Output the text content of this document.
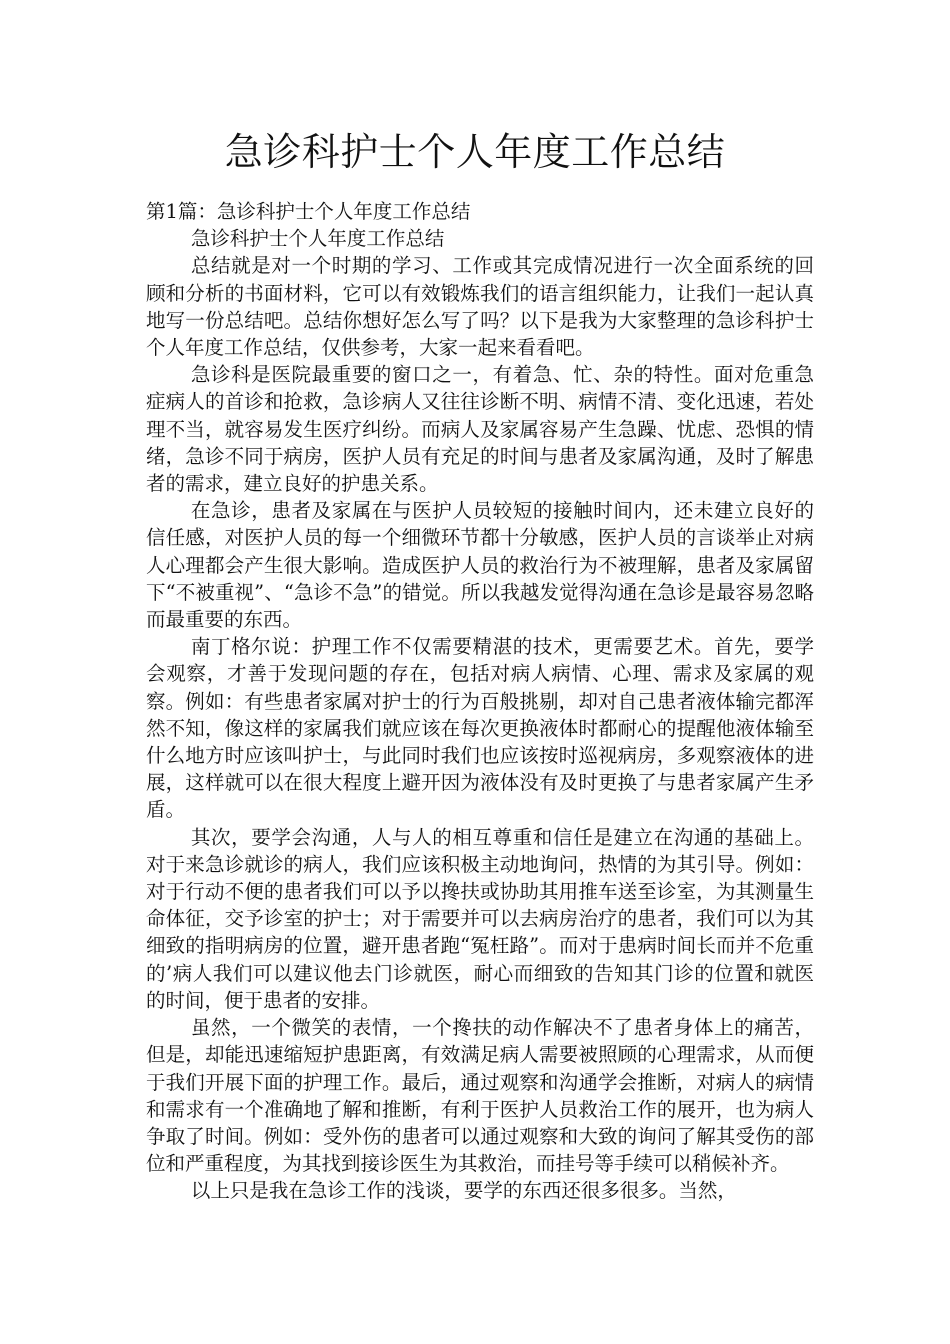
急诊科护士个人年度工作总结

第1篇：急诊科护士个人年度工作总结

急诊科护士个人年度工作总结

总结就是对一个时期的学习、工作或其完成情况进行一次全面系统的回顾和分析的书面材料，它可以有效锻炼我们的语言组织能力，让我们一起认真地写一份总结吧。总结你想好怎么写了吗？以下是我为大家整理的急诊科护士个人年度工作总结，仅供参考，大家一起来看看吧。

急诊科是医院最重要的窗口之一，有着急、忙、杂的特性。面对危重急症病人的首诊和抢救，急诊病人又往往诊断不明、病情不清、变化迅速，若处理不当，就容易发生医疗纠纷。而病人及家属容易产生急躁、忧虑、恐惧的情绪，急诊不同于病房，医护人员有充足的时间与患者及家属沟通，及时了解患者的需求，建立良好的护患关系。

在急诊，患者及家属在与医护人员较短的接触时间内，还未建立良好的信任感，对医护人员的每一个细微环节都十分敏感，医护人员的言谈举止对病人心理都会产生很大影响。造成医护人员的救治行为不被理解，患者及家属留下“不被重视”、“急诊不急”的错觉。所以我越发觉得沟通在急诊是最容易忽略而最重要的东西。

南丁格尔说：护理工作不仅需要精湛的技术，更需要艺术。首先，要学会观察，才善于发现问题的存在，包括对病人病情、心理、需求及家属的观察。例如：有些患者家属对护士的行为百般挑剔，却对自己患者液体输完都浑然不知，像这样的家属我们就应该在每次更换液体时都耐心的提醒他液体输至什么地方时应该叫护士，与此同时我们也应该按时巡视病房，多观察液体的进展，这样就可以在很大程度上避开因为液体没有及时更换了与患者家属产生矛盾。

其次，要学会沟通，人与人的相互尊重和信任是建立在沟通的基础上。对于来急诊就诊的病人，我们应该积极主动地询问，热情的为其引导。例如：对于行动不便的患者我们可以予以搀扶或协助其用推车送至诊室，为其测量生命体征，交予诊室的护士；对于需要并可以去病房治疗的患者，我们可以为其细致的指明病房的位置，避开患者跑“冤枉路”。而对于患病时间长而并不危重的’病人我们可以建议他去门诊就医，耐心而细致的告知其门诊的位置和就医的时间，便于患者的安排。

虽然，一个微笑的表情，一个搀扶的动作解决不了患者身体上的痛苦，但是，却能迅速缩短护患距离，有效满足病人需要被照顾的心理需求，从而便于我们开展下面的护理工作。最后，通过观察和沟通学会推断，对病人的病情和需求有一个准确地了解和推断，有利于医护人员救治工作的展开，也为病人争取了时间。例如：受外伤的患者可以通过观察和大致的询问了解其受伤的部位和严重程度，为其找到接诊医生为其救治，而挂号等手续可以稍候补齐。

以上只是我在急诊工作的浅谈，要学的东西还很多很多。当然，
